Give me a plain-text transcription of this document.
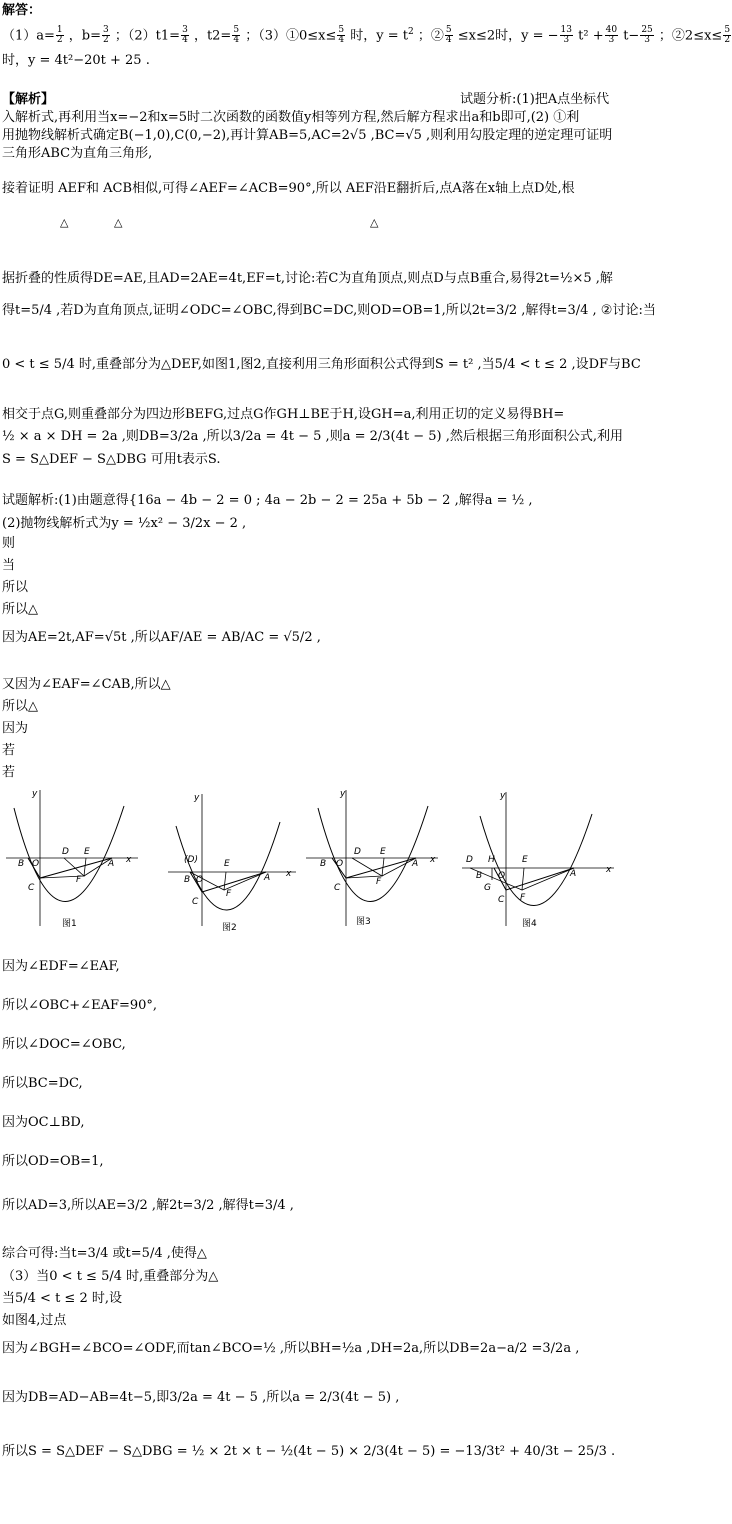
解答：
$(1)a= \frac{1}{2}$ ，$b= \frac{3}{2}$ ；$(2)t1= \frac{3}{4}$ ，$t2= \frac{5}{4}$ ；（3）①0≤x≤ $\frac{5}{4}$ 时，$y = t^2$ ；② $\frac{5}{4} \le x\le 2$时，y = − $\frac{13}{3} t^2 + \frac{40}{3} t- \frac{25}{3}$ ；②2≤x≤ $\frac{5}{2}$
时，y = 4t²−20t + 25 .
【解析】	试题分析:(1)把A点坐标代
入解析式,再利用当x=−2和x=5时二次函数的函数值y相等列方程,然后解方程求出a和b即可,(2) ①利
用抛物线解析式确定B(−1,0),C(0,−2),再计算AB=5,AC=2√5 ,BC=√5 ,则利用勾股定理的逆定理可证明
三角形ABC为直角三角形,
接着证明 AEF和 ACB相似,可得∠AEF=∠ACB=90°,所以 AEF沿E翻折后,点A落在x轴上点D处,根
△	△	△
据折叠的性质得DE=AE,且AD=2AE=4t,EF=t,讨论:若C为直角顶点,则点D与点B重合,易得2t=½×5 ,解
得t=5/4 ,若D为直角顶点,证明∠ODC=∠OBC,得到BC=DC,则OD=OB=1,所以2t=3/2 ,解得t=3/4 , ②讨论:当
0 < t ≤ 5/4 时,重叠部分为△DEF,如图1,图2,直接利用三角形面积公式得到S = t² ,当5/4 < t ≤ 2 ,设DF与BC
相交于点G,则重叠部分为四边形BEFG,过点G作GH⊥BE于H,设GH=a,利用正切的定义易得BH=
½ × a × DH = 2a ,则DB=3/2a ,所以3/2a = 4t − 5 ,则a = 2/3(4t − 5) ,然后根据三角形面积公式,利用
S = S△DEF − S△DBG 可用t表示S.
试题解析:(1)由题意得{16a − 4b − 2 = 0 ; 4a − 2b − 2 = 25a + 5b − 2 ,解得a = ½ ,
(2)抛物线解析式为y = ½x² − 3/2x − 2 ,
则
当
所以
所以△
因为AE=2t,AF=√5t ,所以AF/AE = AB/AC = √5/2 ,
又因为∠EAF=∠CAB,所以△
所以△
因为
若
若
y
x
B O
C
D E
F
A
图1
y
x
(D)
B O
C
E
F
A
图2
y
x
B O
C
D E
F
A
图3
y
x
D H
O
B
G
C
E
F
A
图4
因为∠EDF=∠EAF,
所以∠OBC+∠EAF=90°,
所以∠DOC=∠OBC,
所以BC=DC,
因为OC⊥BD,
所以OD=OB=1,
所以AD=3,所以AE=3/2 ,解2t=3/2 ,解得t=3/4 ,
综合可得:当t=3/4 或t=5/4 ,使得△
（3）当0 < t ≤ 5/4 时,重叠部分为△
当5/4 < t ≤ 2 时,设
如图4,过点
因为∠BGH=∠BCO=∠ODF,而tan∠BCO=½ ,所以BH=½a ,DH=2a,所以DB=2a−a/2 =3/2a ,
因为DB=AD−AB=4t−5,即3/2a = 4t − 5 ,所以a = 2/3(4t − 5) ,
所以S = S△DEF − S△DBG = ½ × 2t × t − ½(4t − 5) × 2/3(4t − 5) = −13/3t² + 40/3t − 25/3 .
